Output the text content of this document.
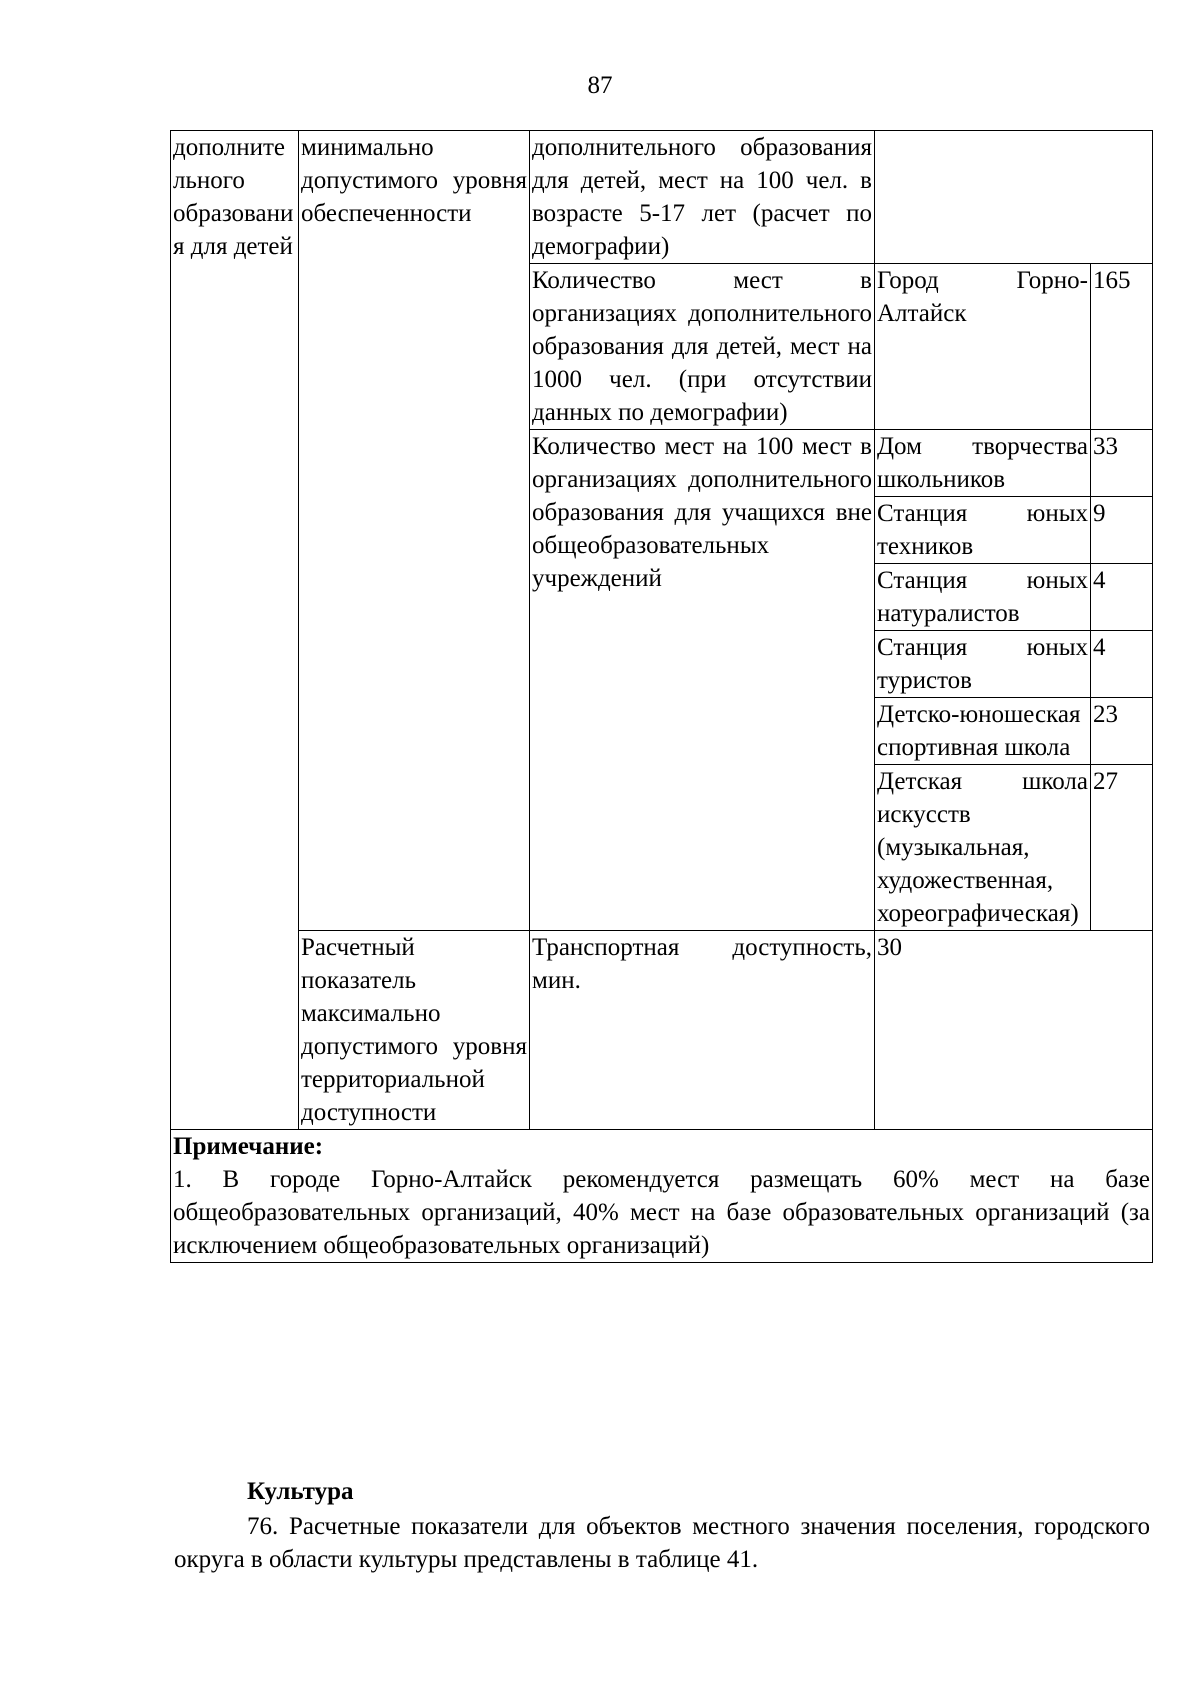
87
дополнительного образования для детей	минимально допустимого уровня обеспеченности	дополнительного образования для детей, мест на 100 чел. в возрасте 5-17 лет (расчет по демографии)		
		Количество мест в организациях дополнительного образования для детей, мест на 1000 чел. (при отсутствии данных по демографии)	Город Горно-Алтайск	165
		Количество мест на 100 мест в организациях дополнительного образования для учащихся вне общеобразовательных учреждений	Дом творчества школьников	33
			Станция юных техников	9
			Станция юных натуралистов	4
			Станция юных туристов	4
			Детско-юношеская спортивная школа	23
			Детская школа искусств (музыкальная, художественная, хореографическая)	27
	Расчетный показатель максимально допустимого уровня территориальной доступности	Транспортная доступность, мин.	30	

Примечание:
1. В городе Горно-Алтайск рекомендуется размещать 60% мест на базе общеобразовательных организаций, 40% мест на базе образовательных организаций (за исключением общеобразовательных организаций)				
Культура
76. Расчетные показатели для объектов местного значения поселения, городского округа в области культуры представлены в таблице 41.
